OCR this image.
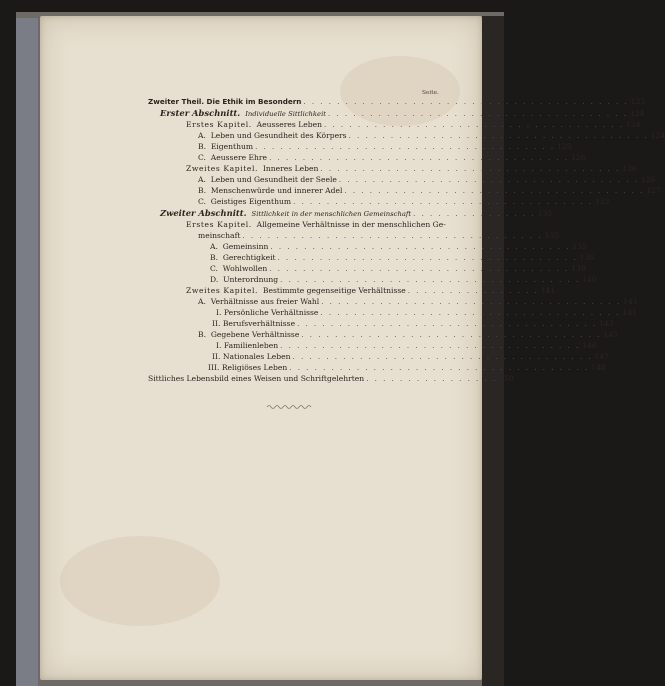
Seite.
Zweiter Theil. Die Ethik im Besondern . . . . . . . . . . . . . . . . . . . . . . . . . . . . . . . . . . . . . . . 123
Erster Abschnitt. Individuelle Sittlichkeit . . . . . . . . . . . . . . . . . . . . . . . . . . . . . . . . . . . . 124
Erstes Kapitel. Aeusseres Leben . . . . . . . . . . . . . . . . . . . . . . . . . . . . . . . . . . . . 124
A. Leben und Gesundheit des Körpers . . . . . . . . . . . . . . . . . . . . . . . . . . . . . . . . . . . . 124
B. Eigenthum . . . . . . . . . . . . . . . . . . . . . . . . . . . . . . . . . . . . 125
C. Aeussere Ehre . . . . . . . . . . . . . . . . . . . . . . . . . . . . . . . . . . . . 126
Zweites Kapitel. Inneres Leben . . . . . . . . . . . . . . . . . . . . . . . . . . . . . . . . . . . . 126
A. Leben und Gesundheit der Seele . . . . . . . . . . . . . . . . . . . . . . . . . . . . . . . . . . . . 126
B. Menschenwürde und innerer Adel . . . . . . . . . . . . . . . . . . . . . . . . . . . . . . . . . . . . 127
C. Geistiges Eigenthum . . . . . . . . . . . . . . . . . . . . . . . . . . . . . . . . . . . . 132
Zweiter Abschnitt. Sittlichkeit in der menschlichen Gemeinschaft . . . . . . . . . . . . . . . 135
Erstes Kapitel. Allgemeine Verhältnisse in der menschlichen Ge-
meinschaft . . . . . . . . . . . . . . . . . . . . . . . . . . . . . . . . . . . . 135
A. Gemeinsinn . . . . . . . . . . . . . . . . . . . . . . . . . . . . . . . . . . . . 135
B. Gerechtigkeit . . . . . . . . . . . . . . . . . . . . . . . . . . . . . . . . . . . . 136
C. Wohlwollen . . . . . . . . . . . . . . . . . . . . . . . . . . . . . . . . . . . . 138
D. Unterordnung . . . . . . . . . . . . . . . . . . . . . . . . . . . . . . . . . . . . 140
Zweites Kapitel. Bestimmte gegenseitige Verhältnisse . . . . . . . . . . . . . . . . 141
A. Verhältnisse aus freier Wahl . . . . . . . . . . . . . . . . . . . . . . . . . . . . . . . . . . . . 141
I. Persönliche Verhältnisse . . . . . . . . . . . . . . . . . . . . . . . . . . . . . . . . . . . . 141
II. Berufsverhältnisse . . . . . . . . . . . . . . . . . . . . . . . . . . . . . . . . . . . . 143
B. Gegebene Verhältnisse . . . . . . . . . . . . . . . . . . . . . . . . . . . . . . . . . . . . 145
I. Familienleben . . . . . . . . . . . . . . . . . . . . . . . . . . . . . . . . . . . . 146
II. Nationales Leben . . . . . . . . . . . . . . . . . . . . . . . . . . . . . . . . . . . . 147
III. Religiöses Leben . . . . . . . . . . . . . . . . . . . . . . . . . . . . . . . . . . . . 148
Sittliches Lebensbild eines Weisen und Schriftgelehrten . . . . . . . . . . . . . . . . 150
